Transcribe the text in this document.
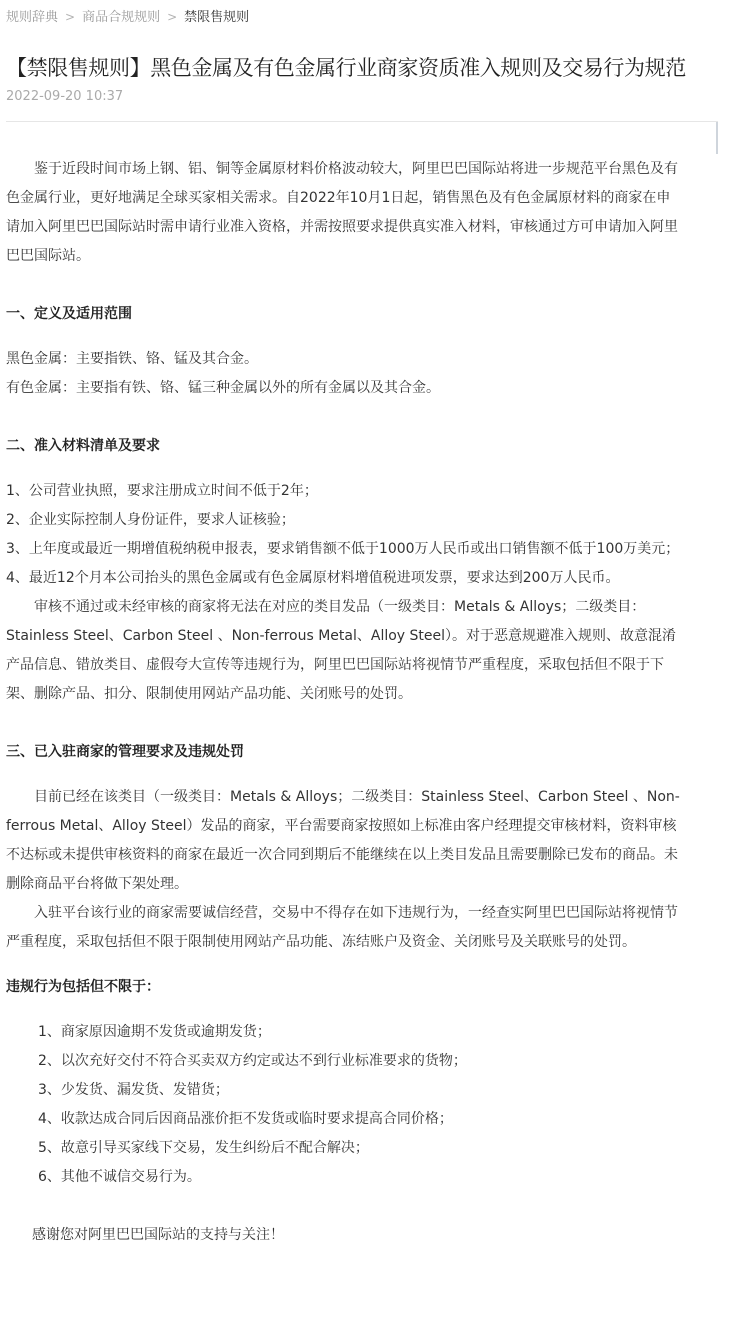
规则辞典 > 商品合规规则 > 禁限售规则
【禁限售规则】黑色金属及有色金属行业商家资质准入规则及交易行为规范
2022-09-20 10:37

鉴于近段时间市场上钢、铝、铜等金属原材料价格波动较大，阿里巴巴国际站将进一步规范平台黑色及有色金属行业，更好地满足全球买家相关需求。自2022年10月1日起，销售黑色及有色金属原材料的商家在申请加入阿里巴巴国际站时需申请行业准入资格，并需按照要求提供真实准入材料，审核通过方可申请加入阿里巴巴国际站。

一、定义及适用范围

黑色金属：主要指铁、铬、锰及其合金。

有色金属：主要指有铁、铬、锰三种金属以外的所有金属以及其合金。

二、准入材料清单及要求

1、公司营业执照，要求注册成立时间不低于2年；

2、企业实际控制人身份证件，要求人证核验；

3、上年度或最近一期增值税纳税申报表，要求销售额不低于1000万人民币或出口销售额不低于100万美元；

4、最近12个月本公司抬头的黑色金属或有色金属原材料增值税进项发票，要求达到200万人民币。

审核不通过或未经审核的商家将无法在对应的类目发品（一级类目：Metals & Alloys；二级类目：Stainless Steel、Carbon Steel 、Non-ferrous Metal、Alloy Steel）。对于恶意规避准入规则、故意混淆产品信息、错放类目、虚假夸大宣传等违规行为，阿里巴巴国际站将视情节严重程度，采取包括但不限于下架、删除产品、扣分、限制使用网站产品功能、关闭账号的处罚。

三、已入驻商家的管理要求及违规处罚

目前已经在该类目（一级类目：Metals & Alloys；二级类目：Stainless Steel、Carbon Steel 、Non-ferrous Metal、Alloy Steel）发品的商家，平台需要商家按照如上标准由客户经理提交审核材料，资料审核不达标或未提供审核资料的商家在最近一次合同到期后不能继续在以上类目发品且需要删除已发布的商品。未删除商品平台将做下架处理。

入驻平台该行业的商家需要诚信经营，交易中不得存在如下违规行为，一经查实阿里巴巴国际站将视情节严重程度，采取包括但不限于限制使用网站产品功能、冻结账户及资金、关闭账号及关联账号的处罚。

违规行为包括但不限于：

1、商家原因逾期不发货或逾期发货；

2、以次充好交付不符合买卖双方约定或达不到行业标准要求的货物；

3、少发货、漏发货、发错货；

4、收款达成合同后因商品涨价拒不发货或临时要求提高合同价格；

5、故意引导买家线下交易，发生纠纷后不配合解决；

6、其他不诚信交易行为。

感谢您对阿里巴巴国际站的支持与关注！
